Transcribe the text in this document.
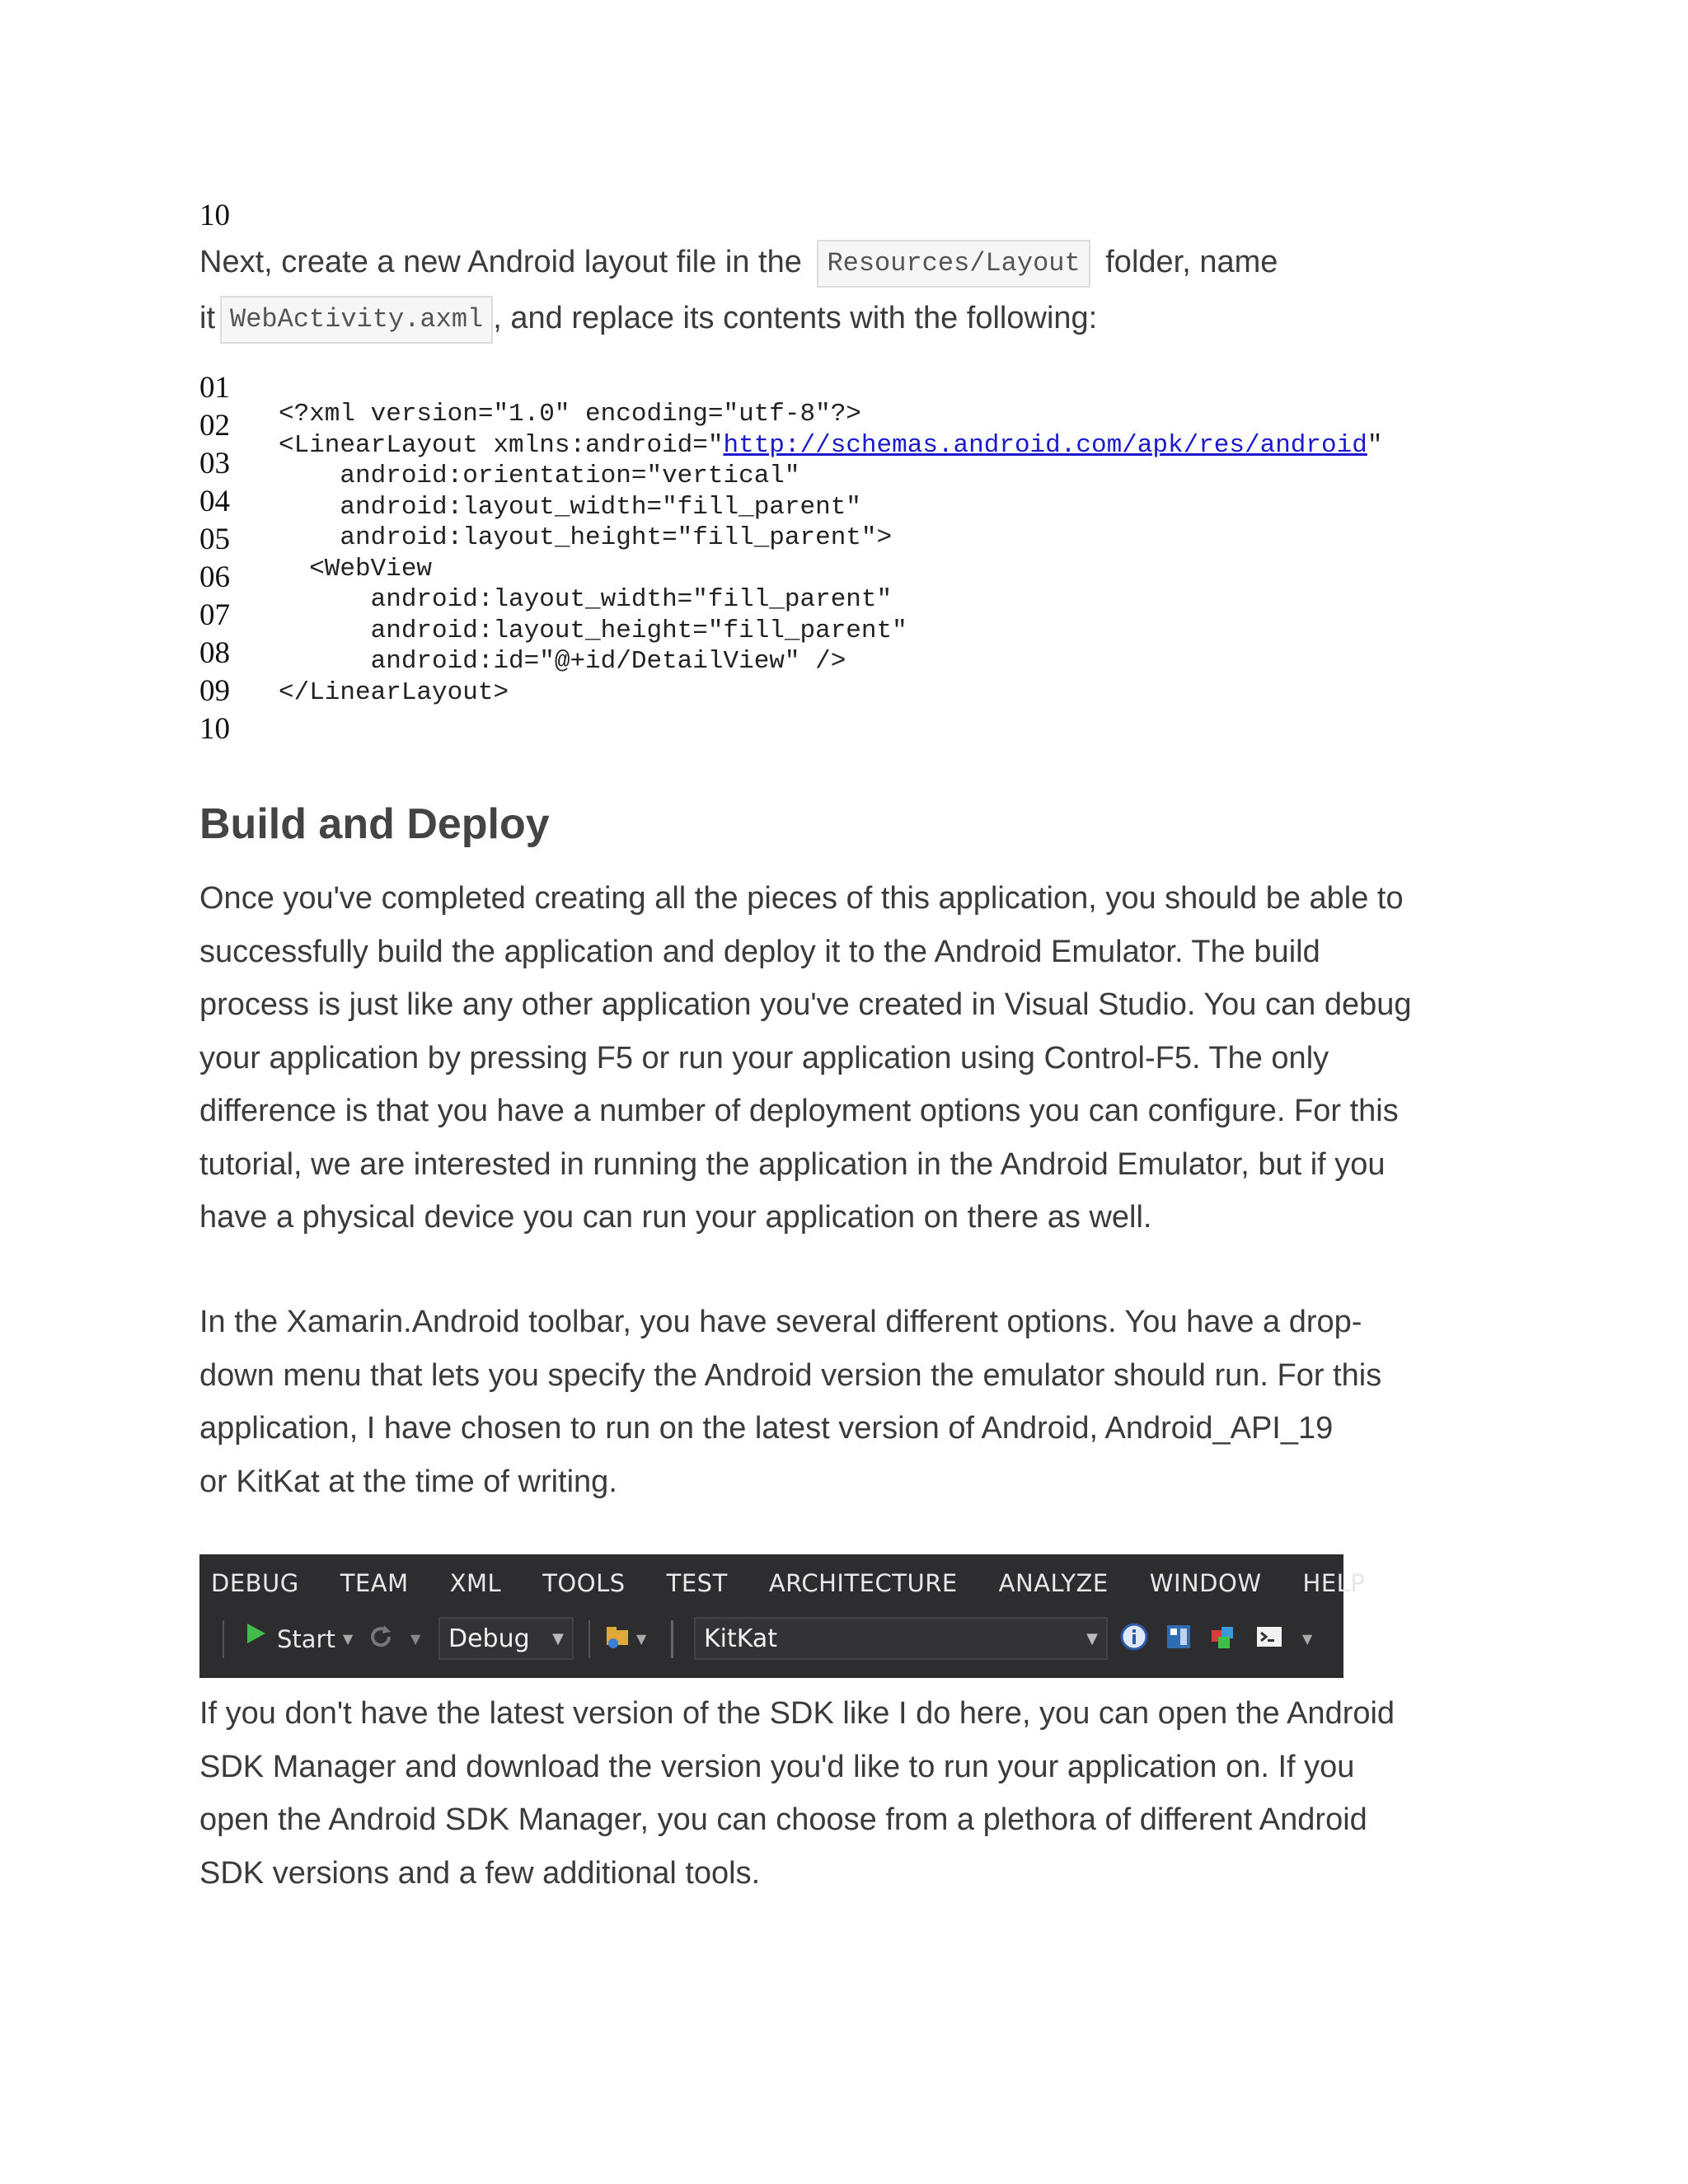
10
Next, create a new Android layout file in the Resources/Layout folder, name
it WebActivity.axml , and replace its contents with the following:
01
02
03
04
05
06
07
08
09
10
<?xml version="1.0" encoding="utf-8"?>
<LinearLayout xmlns:android="http://schemas.android.com/apk/res/android"
android:orientation="vertical"
android:layout_width="fill_parent"
android:layout_height="fill_parent">
<WebView
android:layout_width="fill_parent"
android:layout_height="fill_parent"
android:id="@+id/DetailView" />
</LinearLayout>
Build and Deploy
Once you've completed creating all the pieces of this application, you should be able to
successfully build the application and deploy it to the Android Emulator. The build
process is just like any other application you've created in Visual Studio. You can debug
your application by pressing F5 or run your application using Control-F5. The only
difference is that you have a number of deployment options you can configure. For this
tutorial, we are interested in running the application in the Android Emulator, but if you
have a physical device you can run your application on there as well.
In the Xamarin.Android toolbar, you have several different options. You have a drop-
down menu that lets you specify the Android version the emulator should run. For this
application, I have chosen to run on the latest version of Android, Android_API_19
or KitKat at the time of writing.
DEBUG TEAM XML TOOLS TEST ARCHITECTURE ANALYZE WINDOW HELP
Start ▼	▼	Debug ▼	▼	KitKat	▼	▼
If you don't have the latest version of the SDK like I do here, you can open the Android
SDK Manager and download the version you'd like to run your application on. If you
open the Android SDK Manager, you can choose from a plethora of different Android
SDK versions and a few additional tools.
